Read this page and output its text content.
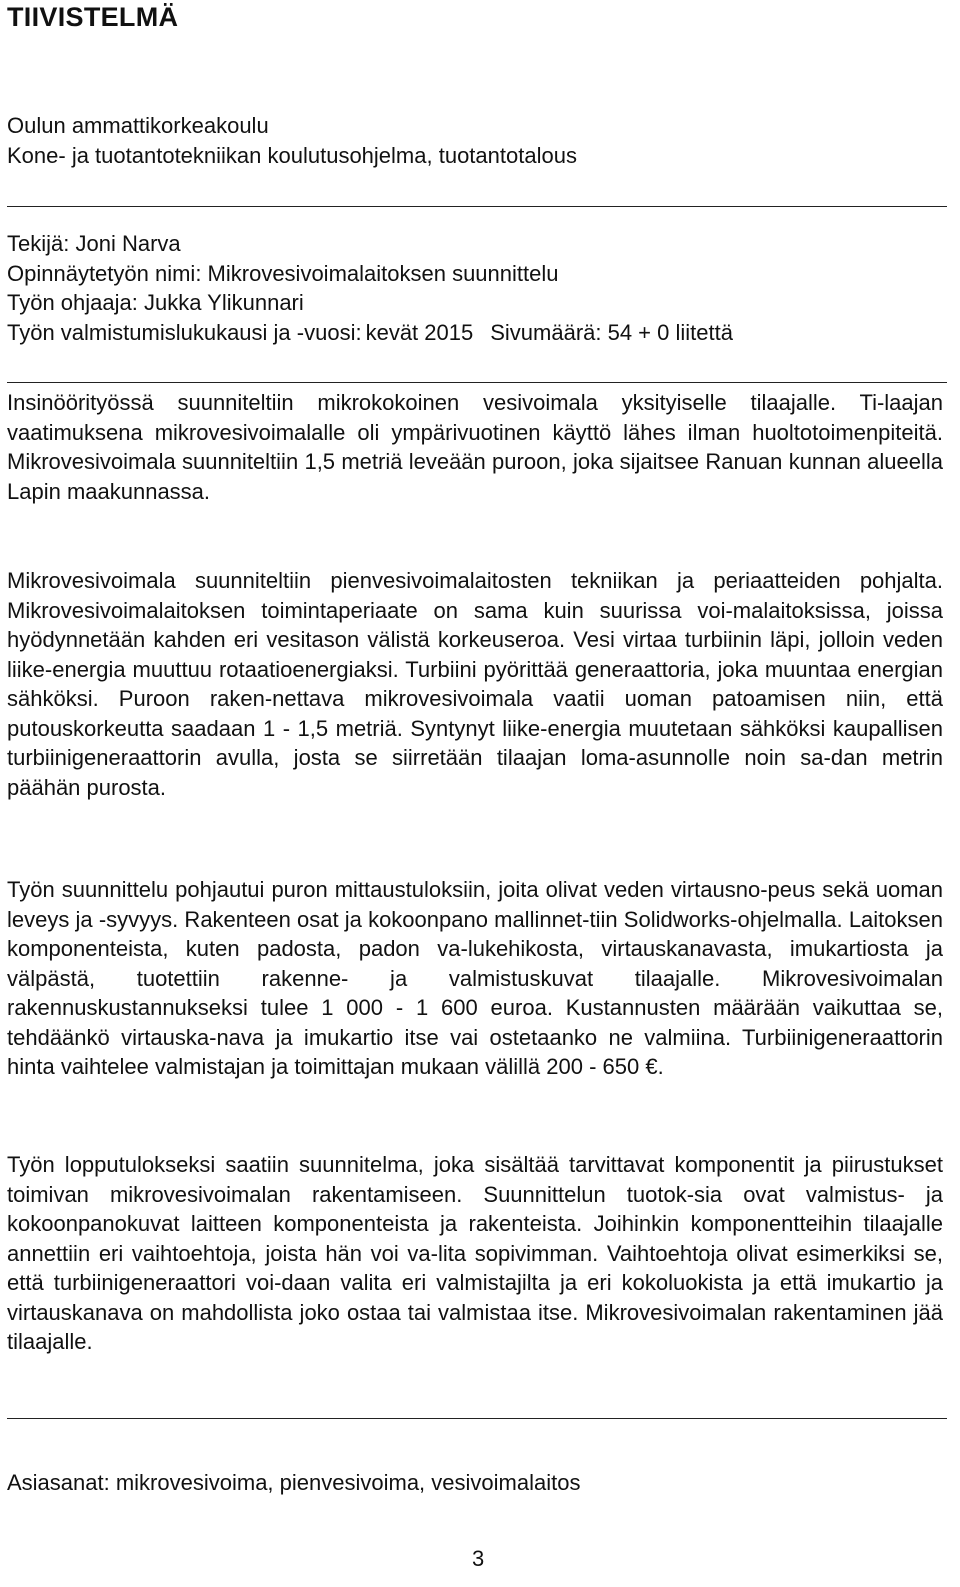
TIIVISTELMÄ
Oulun ammattikorkeakoulu
Kone- ja tuotantotekniikan koulutusohjelma, tuotantotalous
Tekijä: Joni Narva
Opinnäytetyön nimi: Mikrovesivoimalaitoksen suunnittelu
Työn ohjaaja: Jukka Ylikunnari
Työn valmistumislukukausi ja -vuosi: kevät 2015 Sivumäärä: 54 + 0 liitettä

Insinöörityössä suunniteltiin mikrokokoinen vesivoimala yksityiselle tilaajalle. Ti-laajan vaatimuksena mikrovesivoimalalle oli ympärivuotinen käyttö lähes ilman huoltotoimenpiteitä. Mikrovesivoimala suunniteltiin 1,5 metriä leveään puroon, joka sijaitsee Ranuan kunnan alueella Lapin maakunnassa.

Mikrovesivoimala suunniteltiin pienvesivoimalaitosten tekniikan ja periaatteiden pohjalta. Mikrovesivoimalaitoksen toimintaperiaate on sama kuin suurissa voi-malaitoksissa, joissa hyödynnetään kahden eri vesitason välistä korkeuseroa. Vesi virtaa turbiinin läpi, jolloin veden liike-energia muuttuu rotaatioenergiaksi. Turbiini pyörittää generaattoria, joka muuntaa energian sähköksi. Puroon raken-nettava mikrovesivoimala vaatii uoman patoamisen niin, että putouskorkeutta saadaan 1 - 1,5 metriä. Syntynyt liike-energia muutetaan sähköksi kaupallisen turbiinigeneraattorin avulla, josta se siirretään tilaajan loma-asunnolle noin sa-dan metrin päähän purosta.

Työn suunnittelu pohjautui puron mittaustuloksiin, joita olivat veden virtausno-peus sekä uoman leveys ja -syvyys. Rakenteen osat ja kokoonpano mallinnet-tiin Solidworks-ohjelmalla. Laitoksen komponenteista, kuten padosta, padon va-lukehikosta, virtauskanavasta, imukartiosta ja välpästä, tuotettiin rakenne- ja valmistuskuvat tilaajalle. Mikrovesivoimalan rakennuskustannukseksi tulee 1 000 - 1 600 euroa. Kustannusten määrään vaikuttaa se, tehdäänkö virtauska-nava ja imukartio itse vai ostetaanko ne valmiina. Turbiinigeneraattorin hinta vaihtelee valmistajan ja toimittajan mukaan välillä 200 - 650 €.

Työn lopputulokseksi saatiin suunnitelma, joka sisältää tarvittavat komponentit ja piirustukset toimivan mikrovesivoimalan rakentamiseen. Suunnittelun tuotok-sia ovat valmistus- ja kokoonpanokuvat laitteen komponenteista ja rakenteista. Joihinkin komponentteihin tilaajalle annettiin eri vaihtoehtoja, joista hän voi va-lita sopivimman. Vaihtoehtoja olivat esimerkiksi se, että turbiinigeneraattori voi-daan valita eri valmistajilta ja eri kokoluokista ja että imukartio ja virtauskanava on mahdollista joko ostaa tai valmistaa itse. Mikrovesivoimalan rakentaminen jää tilaajalle.

Asiasanat: mikrovesivoima, pienvesivoima, vesivoimalaitos
3
